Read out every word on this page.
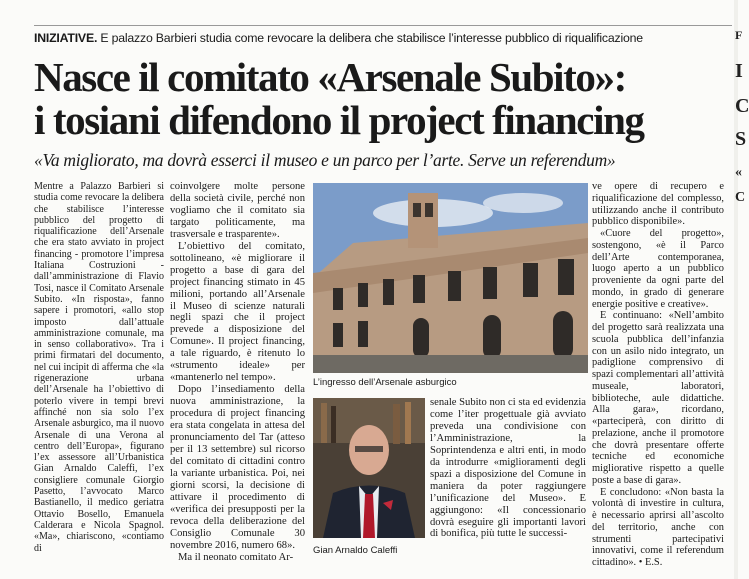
INIZIATIVE. E palazzo Barbieri studia come revocare la delibera che stabilisce l’interesse pubblico di riqualificazione
Nasce il comitato «Arsenale Subito»:
i tosiani difendono il project financing
«Va migliorato, ma dovrà esserci il museo e un parco per l’arte. Serve un referendum»

Mentre a Palazzo Barbieri si studia come revocare la delibera che stabilisce l’interesse pubblico del progetto di riqualificazione dell’Arsenale che era stato avviato in project financing - promotore l’impresa Italiana Costruzioni - dall’amministrazione di Flavio Tosi, nasce il Comitato Arsenale Subito. «In risposta», fanno sapere i promotori, «allo stop imposto dall’attuale amministrazione comunale, ma in senso collaborativo». Tra i primi firmatari del documento, nel cui incipit di afferma che «la rigenerazione urbana dell’Arsenale ha l’obiettivo di poterlo vivere in tempi brevi affinché non sia solo l’ex Arsenale asburgico, ma il nuovo Arsenale di una Verona al centro dell’Europa», figurano l’ex assessore all’Urbanistica Gian Arnaldo Caleffi, l’ex consigliere comunale Giorgio Pasetto, l’avvocato Marco Bastianello, il medico geriatra Ottavio Bosello, Emanuela Calderara e Nicola Spagnol. «Ma», chiariscono, «contiamo di

coinvolgere molte persone della società civile, perché non vogliamo che il comitato sia targato politicamente, ma trasversale e trasparente».

L’obiettivo del comitato, sottolineano, «è migliorare il progetto a base di gara del project financing stimato in 45 milioni, portando all’Arsenale il Museo di scienze naturali negli spazi che il project prevede a disposizione del Comune». Il project financing, a tale riguardo, è ritenuto lo «strumento ideale» per «mantenerlo nel tempo».

Dopo l’insediamento della nuova amministrazione, la procedura di project financing era stata congelata in attesa del pronunciamento del Tar (atteso per il 13 settembre) sul ricorso del comitato di cittadini contro la variante urbanistica. Poi, nei giorni scorsi, la decisione di attivare il procedimento di «verifica dei presupposti per la revoca della deliberazione del Consiglio Comunale 30 novembre 2016, numero 68».

Ma il neonato comitato Ar-

L’ingresso dell’Arsenale asburgico
Gian Arnaldo Caleffi

senale Subito non ci sta ed evidenzia come l’iter progettuale già avviato preveda una condivisione con l’Amministrazione, la Soprintendenza e altri enti, in modo da introdurre «miglioramenti degli spazi a disposizione del Comune in maniera da poter raggiungere l’unificazione del Museo». E aggiungono: «Il concessionario dovrà eseguire gli importanti lavori di bonifica, più tutte le successi-

ve opere di recupero e riqualificazione del complesso, utilizzando anche il contributo pubblico disponibile».

«Cuore del progetto», sostengono, «è il Parco dell’Arte contemporanea, luogo aperto a un pubblico proveniente da ogni parte del mondo, in grado di generare energie positive e creative».

E continuano: «Nell’ambito del progetto sarà realizzata una scuola pubblica dell’infanzia con un asilo nido integrato, un padiglione comprensivo di spazi complementari all’attività museale, laboratori, biblioteche, aule didattiche. Alla gara», ricordano, «parteciperà, con diritto di prelazione, anche il promotore che dovrà presentare offerte tecniche ed economiche migliorative rispetto a quelle poste a base di gara».

E concludono: «Non basta la volontà di investire in cultura, è necessario aprirsi all’ascolto del territorio, anche con strumenti partecipativi innovativi, come il referendum cittadino». • E.S.

F
I
C
S
«
C
